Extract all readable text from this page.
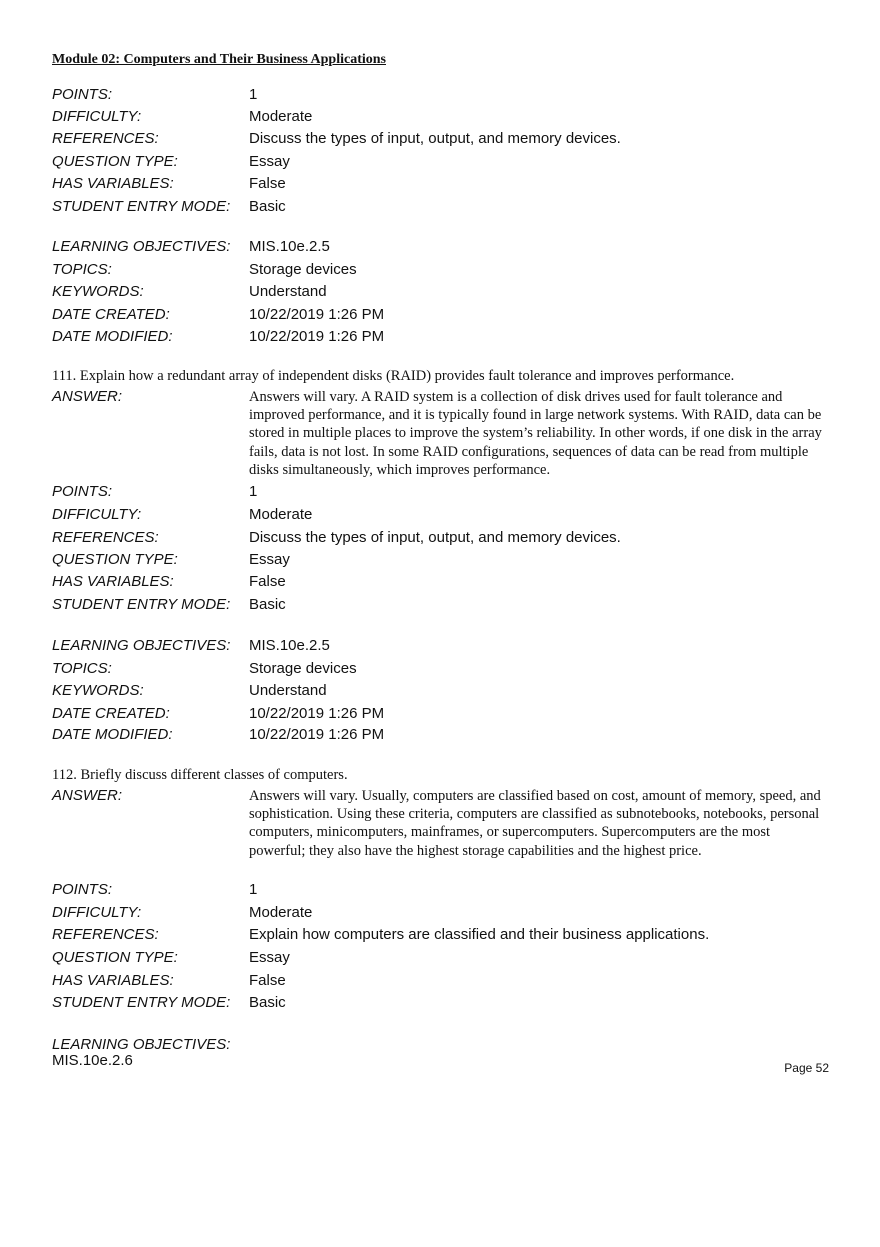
Module 02: Computers and Their Business Applications
POINTS:	1
DIFFICULTY:	Moderate
REFERENCES:	Discuss the types of input, output, and memory devices.
QUESTION TYPE:	Essay
HAS VARIABLES:	False
STUDENT ENTRY MODE: Basic
LEARNING OBJECTIVES: MIS.10e.2.5
TOPICS:	Storage devices
KEYWORDS:	Understand
DATE CREATED:	10/22/2019 1:26 PM
DATE MODIFIED:	10/22/2019 1:26 PM
111. Explain how a redundant array of independent disks (RAID) provides fault tolerance and improves performance.
ANSWER:	Answers will vary. A RAID system is a collection of disk drives used for fault tolerance and improved performance, and it is typically found in large network systems. With RAID, data can be stored in multiple places to improve the system’s reliability. In other words, if one disk in the array fails, data is not lost. In some RAID configurations, sequences of data can be read from multiple disks simultaneously, which improves performance.
POINTS:	1
DIFFICULTY:	Moderate
REFERENCES:	Discuss the types of input, output, and memory devices.
QUESTION TYPE:	Essay
HAS VARIABLES:	False
STUDENT ENTRY MODE: Basic
LEARNING OBJECTIVES: MIS.10e.2.5
TOPICS:	Storage devices
KEYWORDS:	Understand
DATE CREATED:	10/22/2019 1:26 PM
DATE MODIFIED:	10/22/2019 1:26 PM
112. Briefly discuss different classes of computers.
ANSWER:	Answers will vary. Usually, computers are classified based on cost, amount of memory, speed, and sophistication. Using these criteria, computers are classified as subnotebooks, notebooks, personal computers, minicomputers, mainframes, or supercomputers. Supercomputers are the most powerful; they also have the highest storage capabilities and the highest price.
POINTS:	1
DIFFICULTY:	Moderate
REFERENCES:	Explain how computers are classified and their business applications.
QUESTION TYPE:	Essay
HAS VARIABLES:	False
STUDENT ENTRY MODE: Basic
LEARNING OBJECTIVES:
MIS.10e.2.6	Page 52
